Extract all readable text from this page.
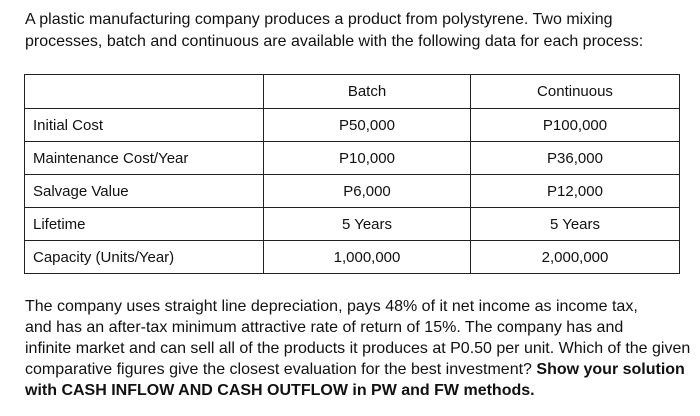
A plastic manufacturing company produces a product from polystyrene. Two mixing
processes, batch and continuous are available with the following data for each process:

	Batch	Continuous
Initial Cost	P50,000	P100,000
Maintenance Cost/Year	P10,000	P36,000
Salvage Value	P6,000	P12,000
Lifetime	5 Years	5 Years
Capacity (Units/Year)	1,000,000	2,000,000

The company uses straight line depreciation, pays 48% of it net income as income tax,
and has an after-tax minimum attractive rate of return of 15%. The company has and
infinite market and can sell all of the products it produces at P0.50 per unit. Which of the given
comparative figures give the closest evaluation for the best investment? Show your solution
with CASH INFLOW AND CASH OUTFLOW in PW and FW methods.
